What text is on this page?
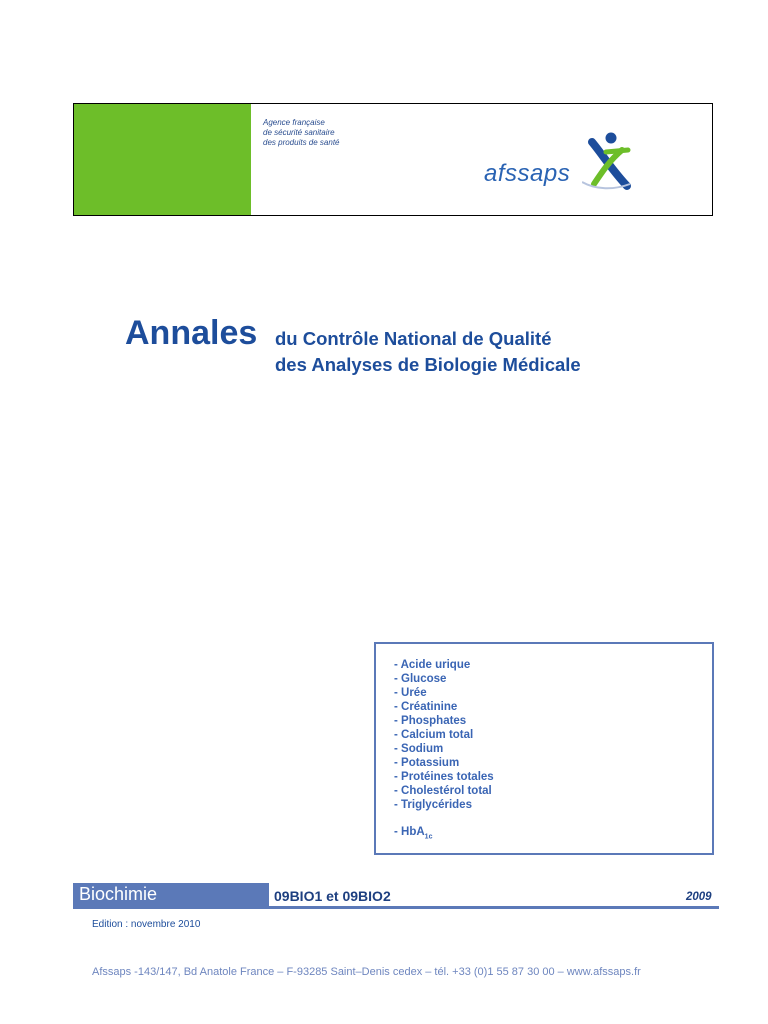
Agence française
de sécurité sanitaire
des produits de santé
afssaps
Annales du Contrôle National de Qualité
des Analyses de Biologie Médicale
- Acide urique
- Glucose
- Urée
- Créatinine
- Phosphates
- Calcium total
- Sodium
- Potassium
- Protéines totales
- Cholestérol total
- Triglycérides
- HbA$_{1c}$
Biochimie	09BIO1 et 09BIO2	2009
Edition : novembre 2010
Afssaps -143/147, Bd Anatole France – F-93285 Saint–Denis cedex – tél. +33 (0)1 55 87 30 00 – www.afssaps.fr
